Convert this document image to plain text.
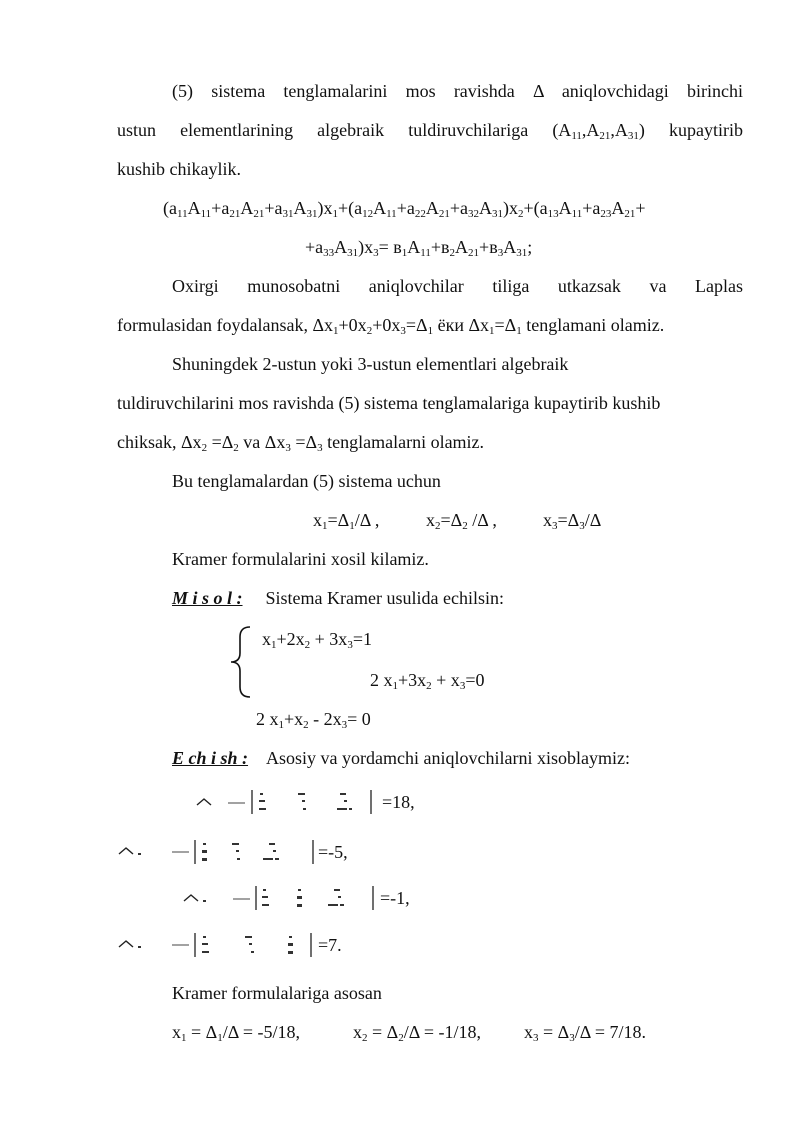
(5) sistema tenglamalarini mos ravishda Δ aniqlovchidagi birinchi
ustun elementlarining algebraik tuldiruvchilariga $(A_{11},A_{21},A_{31})$ kupaytirib
kushib chikaylik.
$(a_{11}A_{11}+a_{21}A_{21}+a_{31}A_{31})x_1+(a_{12}A_{11}+a_{22}A_{21}+a_{32}A_{31})x_2+(a_{13}A_{11}+a_{23}A_{21}+$
$+a_{33}A_{31})x_3= в_1A_{11}+в_2A_{21}+в_3A_{31}$;
Oxirgi munosobatni aniqlovchilar tiliga utkazsak va Laplas
formulasidan foydalansak, $\Delta x_1+0x_2+0x_3=\Delta_1$ ёки $\Delta x_1=\Delta_1$ tenglamani olamiz.
Shuningdek 2-ustun yoki 3-ustun elementlari algebraik
tuldiruvchilarini mos ravishda (5) sistema tenglamalariga kupaytirib kushib
chiksak, $\Delta x_2 =\Delta_2$ va $\Delta x_3 =\Delta_3$ tenglamalarni olamiz.
Bu tenglamalardan (5) sistema uchun
$x_1=\Delta_1/\Delta$ ,	$x_2=\Delta_2$ /Δ ,	$x_3=\Delta_3/\Delta$
Kramer formulalarini xosil kilamiz.
M i s o l : Sistema Kramer usulida echilsin:
$x_1+2x_2 + 3x_3=1$
2 $x_1+3x_2 + x_3=0$
2 $x_1+x_2 - 2x_3= 0$
E ch i sh : Asosiy va yordamchi aniqlovchilarni xisoblaymiz:
=18,
=-5,
=-1,
=7.
Kramer formulalariga asosan
$x_1 = \Delta_1/\Delta = -5/18$,	$x_2 = \Delta_2/\Delta = -1/18$, $x_3 = \Delta_3/\Delta = 7/18$.
